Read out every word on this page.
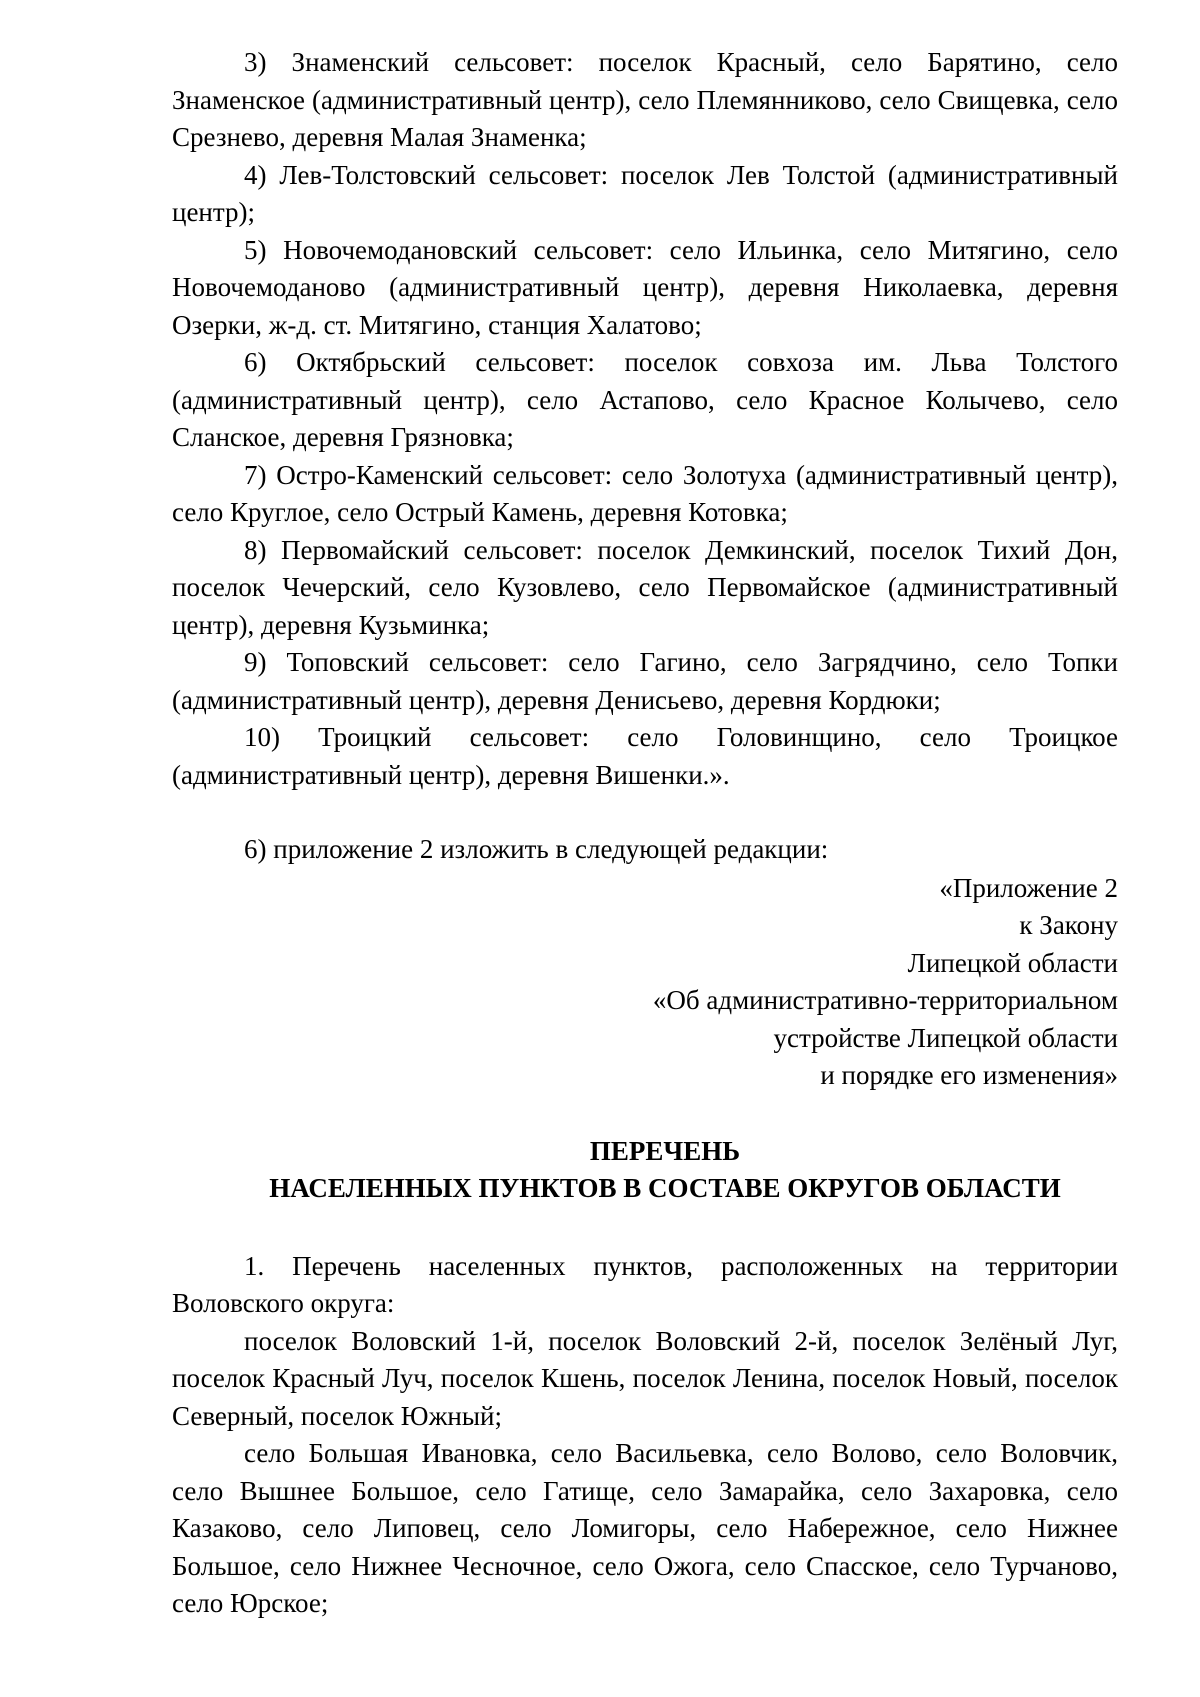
3) Знаменский сельсовет: поселок Красный, село Барятино, село Знаменское (административный центр), село Племянниково, село Свищевка, село Срезнево, деревня Малая Знаменка;

4) Лев-Толстовский сельсовет: поселок Лев Толстой (административный центр);

5) Новочемодановский сельсовет: село Ильинка, село Митягино, село Новочемоданово (административный центр), деревня Николаевка, деревня Озерки, ж-д. ст. Митягино, станция Халатово;

6) Октябрьский сельсовет: поселок совхоза им. Льва Толстого (административный центр), село Астапово, село Красное Колычево, село Сланское, деревня Грязновка;

7) Остро-Каменский сельсовет: село Золотуха (административный центр), село Круглое, село Острый Камень, деревня Котовка;

8) Первомайский сельсовет: поселок Демкинский, поселок Тихий Дон, поселок Чечерский, село Кузовлево, село Первомайское (административный центр), деревня Кузьминка;

9) Топовский сельсовет: село Гагино, село Загрядчино, село Топки (административный центр), деревня Денисьево, деревня Кордюки;

10) Троицкий сельсовет: село Головинщино, село Троицкое (административный центр), деревня Вишенки.».

6) приложение 2 изложить в следующей редакции:

«Приложение 2
к Закону
Липецкой области
«Об административно-территориальном
устройстве Липецкой области
и порядке его изменения»
ПЕРЕЧЕНЬ
НАСЕЛЕННЫХ ПУНКТОВ В СОСТАВЕ ОКРУГОВ ОБЛАСТИ

1. Перечень населенных пунктов, расположенных на территории Воловского округа:

поселок Воловский 1-й, поселок Воловский 2-й, поселок Зелёный Луг, поселок Красный Луч, поселок Кшень, поселок Ленина, поселок Новый, поселок Северный, поселок Южный;

село Большая Ивановка, село Васильевка, село Волово, село Воловчик, село Вышнее Большое, село Гатище, село Замарайка, село Захаровка, село Казаково, село Липовец, село Ломигоры, село Набережное, село Нижнее Большое, село Нижнее Чесночное, село Ожога, село Спасское, село Турчаново, село Юрское;
